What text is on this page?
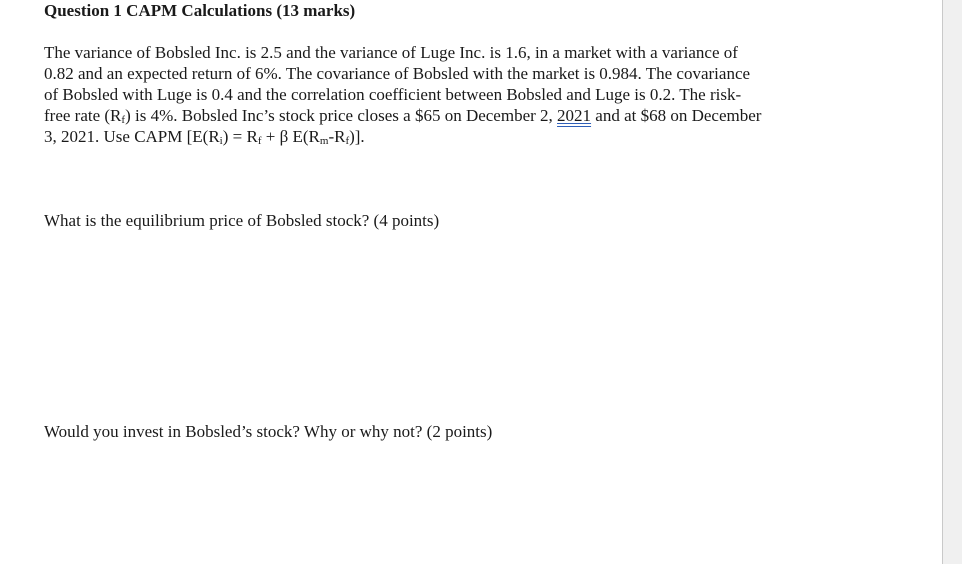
Question 1 CAPM Calculations (13 marks)
The variance of Bobsled Inc. is 2.5 and the variance of Luge Inc. is 1.6, in a market with a variance of
0.82 and an expected return of 6%. The covariance of Bobsled with the market is 0.984. The covariance
of Bobsled with Luge is 0.4 and the correlation coefficient between Bobsled and Luge is 0.2. The risk-
free rate $(R_f)$ is 4%. Bobsled Inc’s stock price closes a $65 on December 2, 2021 and at $68 on December
3, 2021. Use CAPM [$E(R_i) = R_f + \beta$ $E(R_m-R_f)$].
What is the equilibrium price of Bobsled stock? (4 points)
Would you invest in Bobsled’s stock? Why or why not? (2 points)
